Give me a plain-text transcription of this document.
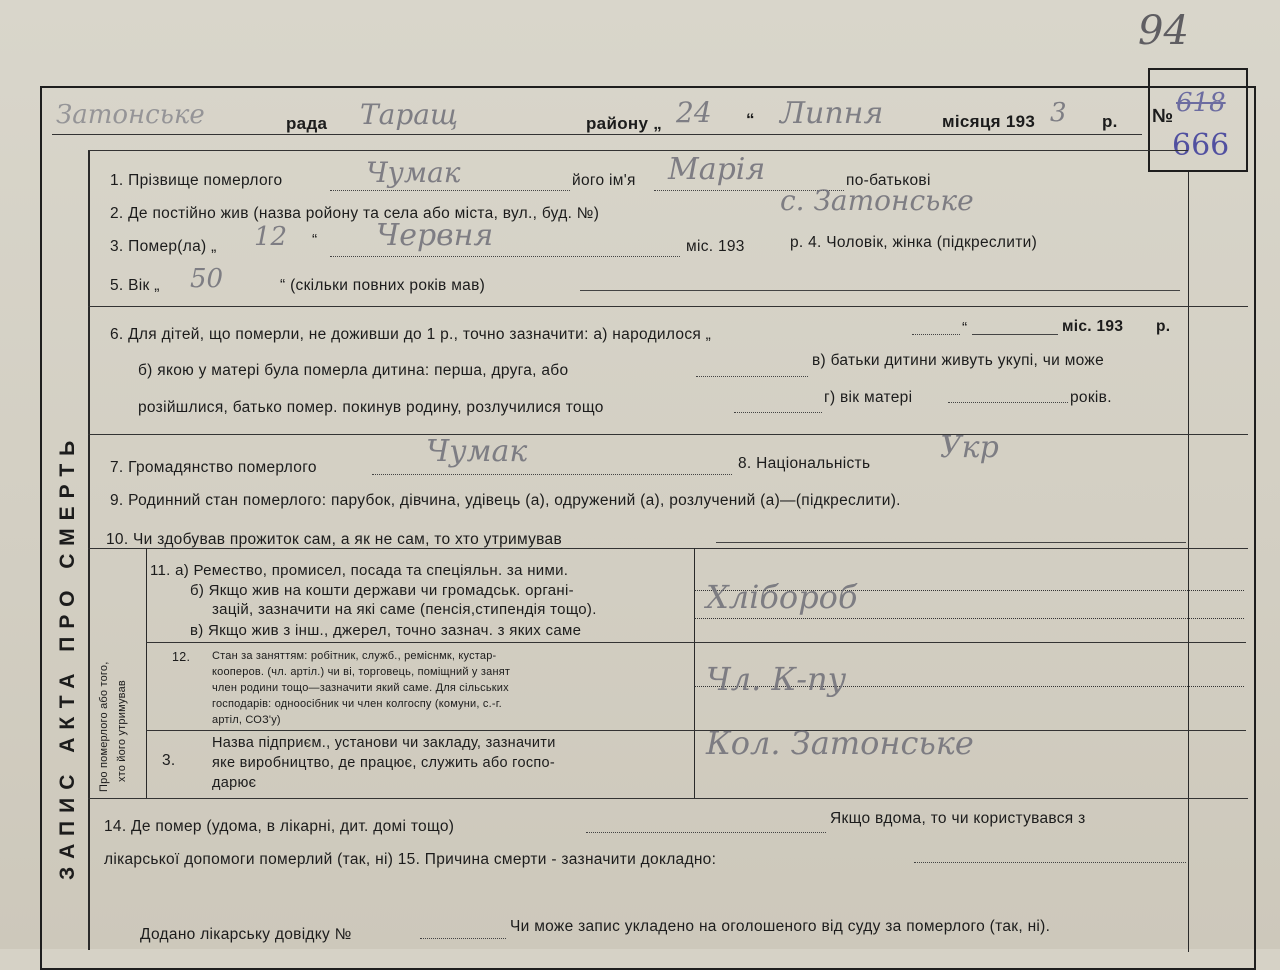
94
№ 618
666
Затонське	рада Таращ	району „ 24 “ Липня	місяця 193 3 р.
ЗАПИС АКТА ПРО СМЕРТЬ
1. Прізвище померлого	Чумак	його ім'я Марія	по-батькові
2. Де постійно жив (назва ройону та села або міста, вул., буд. №)	с. Затонське
3. Помер(ла) „ 12 “ Червня	міс. 193	р. 4. Чоловік, жінка (підкреслити)
5. Вік „ 50	“ (скільки повних років мав)
6. Для дітей, що померли, не доживши до 1 р., точно зазначити: а) народилося „	“	міс. 193 р.
б) якою у матері була померла дитина: перша, друга, або
в) батьки дитини живуть укупі, чи може
розійшлися, батько помер. покинув родину, розлучилися тощо
г) вік матері	років.
7. Громадянство померлого	Чумак	8. Національність Укр
9. Родинний стан померлого: парубок, дівчина, удівець (а), одружений (а), розлучений (а)—(підкреслити).
10. Чи здобував прожиток сам, а як не сам, то хто утримував
Про померлого або того, хто його утримував
11. а) Ремество, промисел, посада та спеціяльн. за ними.
б) Якщо жив на кошти держави чи громадськ. органі-
зацій, зазначити на які саме (пенсія,стипендія тощо).
в) Якщо жив з інш., джерел, точно зазнач. з яких саме
Хлібороб
12. Стан за заняттям: робітник, служб., реміснмк, кустар-
кооперов. (чл. артіл.) чи ві, торговець, поміщний у занят
член родини тощо—зазначити який саме. Для сільських
господарів: одноосібник чи член колгоспу (комуни, с.-г.
артіл, СОЗ'у)
Чл. К-пу
3.
Назва підприєм., установи чи закладу, зазначити
яке виробництво, де працює, служить або госпо-
дарює
Кол. Затонське
14. Де помер (удома, в лікарні, дит. домі тощо)	Якщо вдома, то чи користувався з
лікарської допомоги померлий (так, ні) 15. Причина смерти - зазначити докладно:
Додано лікарську довідку №	Чи може запис укладено на оголошеного від суду за померлого (так, ні).
